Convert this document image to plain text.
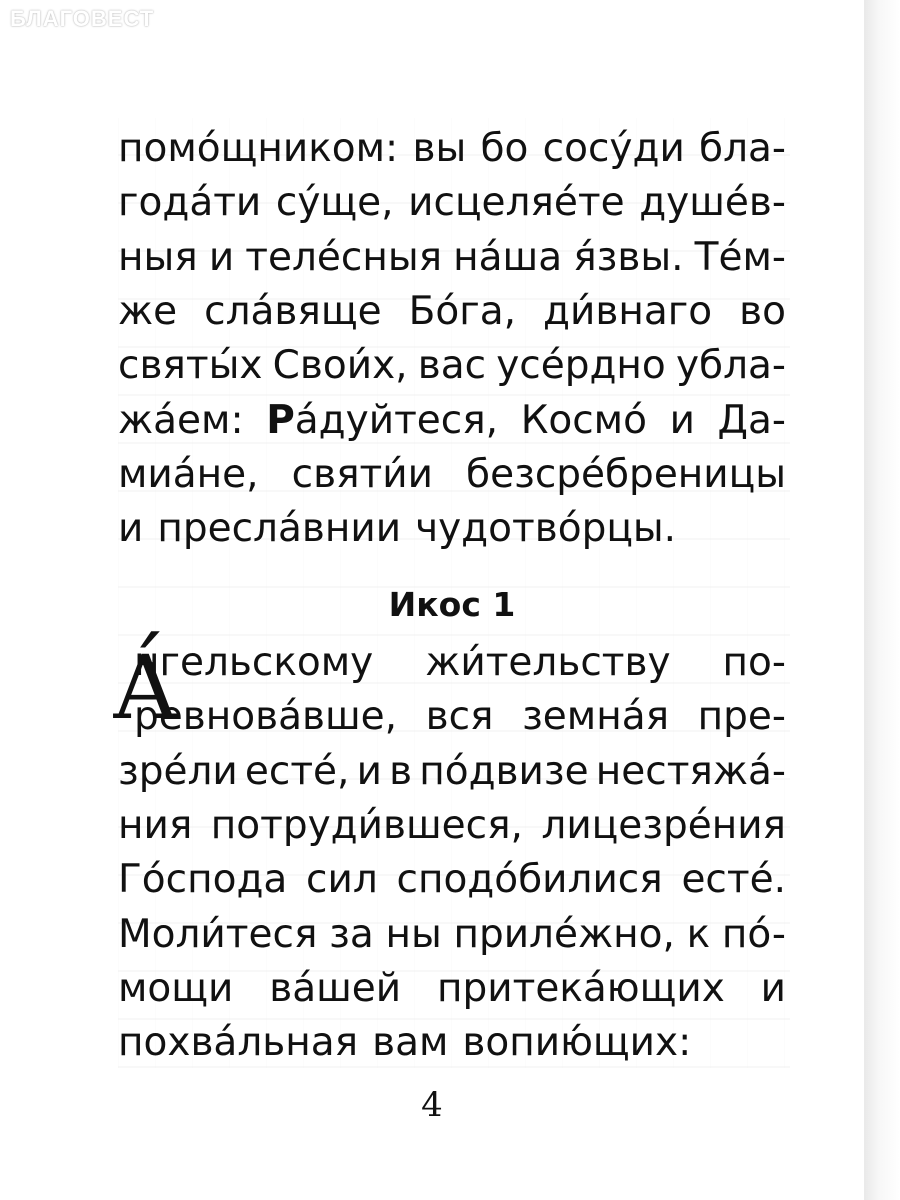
БЛАГОВЕСТ
помóщником: вы бо сосýди бла-
годáти сýще, исцеляéте душéв-
ныя и телéсныя нáша я́звы. Тéм-
же слáвяще Бóга, ди́внаго во
святы́х Свои́х, вас усéрдно убла-
жáем: Рáдуйтеся, Космó и Да-
миáне, святи́и безсрéбреницы
и преслáвнии чудотвóрцы.
Икос 1
А́
нгельскому жи́тельству по-
ревновáвше, вся земнáя пре-
зрéли естé, и в пóдвизе нестяжá-
ния потруди́вшеся, лицезрéния
Гóспода сил сподóбилися естé.
Моли́теся за ны прилéжно, к пó-
мощи вáшей притекáющих и
похвáльная вам вопию́щих:
4
